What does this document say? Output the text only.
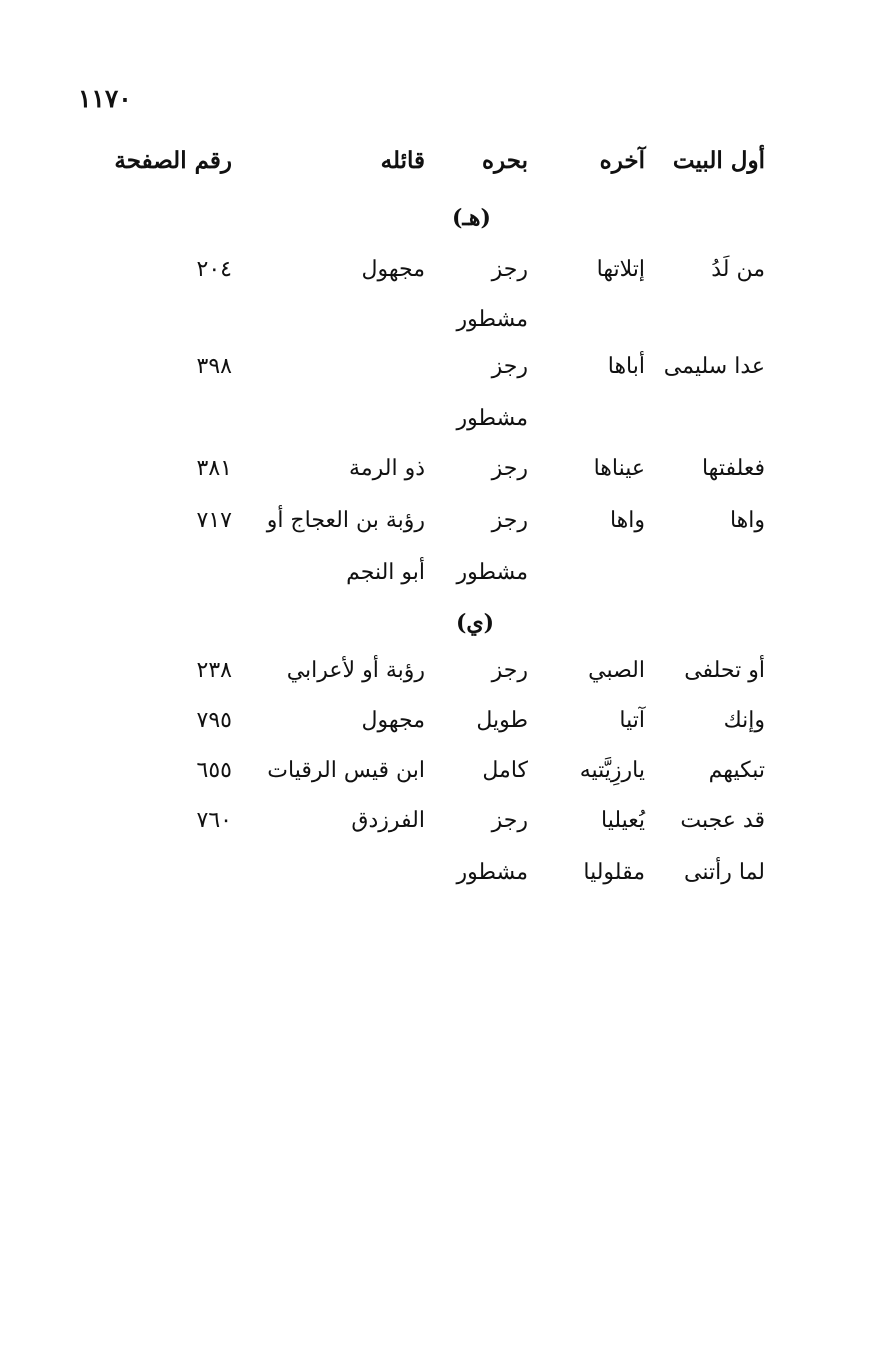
١١٧٠
أول البيت
آخره
بحره
قائله
رقم الصفحة
(هـ)
من لَدُ
إتلاتها
رجز
مجهول
٢٠٤
مشطور
عدا سليمى
أباها
رجز
٣٩٨
مشطور
فعلفتها
عيناها
رجز
ذو الرمة
٣٨١
واها
واها
رجز
رؤبة بن العجاج أو
٧١٧
مشطور
أبو النجم
(ي)
أو تحلفى
الصبي
رجز
رؤبة أو لأعرابي
٢٣٨
وإنك
آتيا
طويل
مجهول
٧٩٥
تبكيهم
يارزِيَّتيه
كامل
ابن قيس الرقيات
٦٥٥
قد عجبت
يُعيليا
رجز
الفرزدق
٧٦٠
لما رأتنى
مقلوليا
مشطور
